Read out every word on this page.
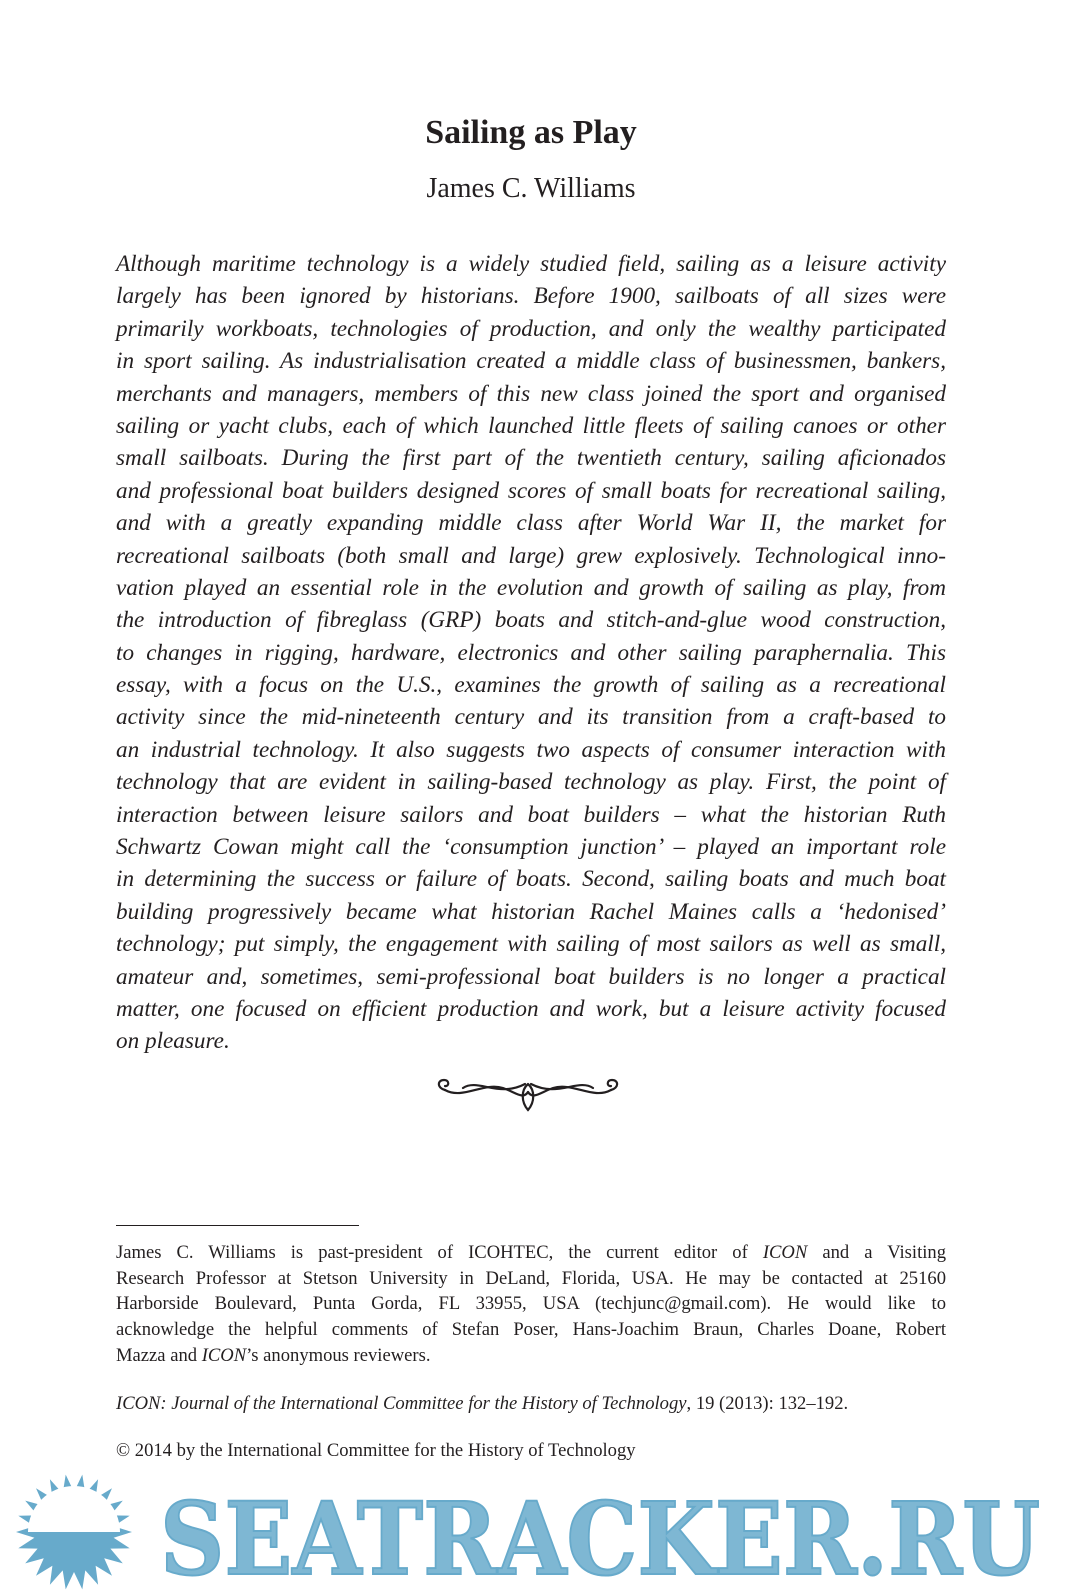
Sailing as Play
James C. Williams
Although maritime technology is a widely studied field, sailing as a leisure activity
largely has been ignored by historians. Before 1900, sailboats of all sizes were
primarily workboats, technologies of production, and only the wealthy participated
in sport sailing. As industrialisation created a middle class of businessmen, bankers,
merchants and managers, members of this new class joined the sport and organised
sailing or yacht clubs, each of which launched little fleets of sailing canoes or other
small sailboats. During the first part of the twentieth century, sailing aficionados
and professional boat builders designed scores of small boats for recreational sailing,
and with a greatly expanding middle class after World War II, the market for
recreational sailboats (both small and large) grew explosively. Technological inno-
vation played an essential role in the evolution and growth of sailing as play, from
the introduction of fibreglass (GRP) boats and stitch-and-glue wood construction,
to changes in rigging, hardware, electronics and other sailing paraphernalia. This
essay, with a focus on the U.S., examines the growth of sailing as a recreational
activity since the mid-nineteenth century and its transition from a craft-based to
an industrial technology. It also suggests two aspects of consumer interaction with
technology that are evident in sailing-based technology as play. First, the point of
interaction between leisure sailors and boat builders – what the historian Ruth
Schwartz Cowan might call the ‘consumption junction’ – played an important role
in determining the success or failure of boats. Second, sailing boats and much boat
building progressively became what historian Rachel Maines calls a ‘hedonised’
technology; put simply, the engagement with sailing of most sailors as well as small,
amateur and, sometimes, semi-professional boat builders is no longer a practical
matter, one focused on efficient production and work, but a leisure activity focused
on pleasure.
James C. Williams is past-president of ICOHTEC, the current editor of ICON and a Visiting
Research Professor at Stetson University in DeLand, Florida, USA. He may be contacted at 25160
Harborside Boulevard, Punta Gorda, FL 33955, USA (techjunc@gmail.com). He would like to
acknowledge the helpful comments of Stefan Poser, Hans-Joachim Braun, Charles Doane, Robert
Mazza and ICON’s anonymous reviewers.
ICON: Journal of the International Committee for the History of Technology, 19 (2013): 132–192.
© 2014 by the International Committee for the History of Technology
SEATRACKER.RU
